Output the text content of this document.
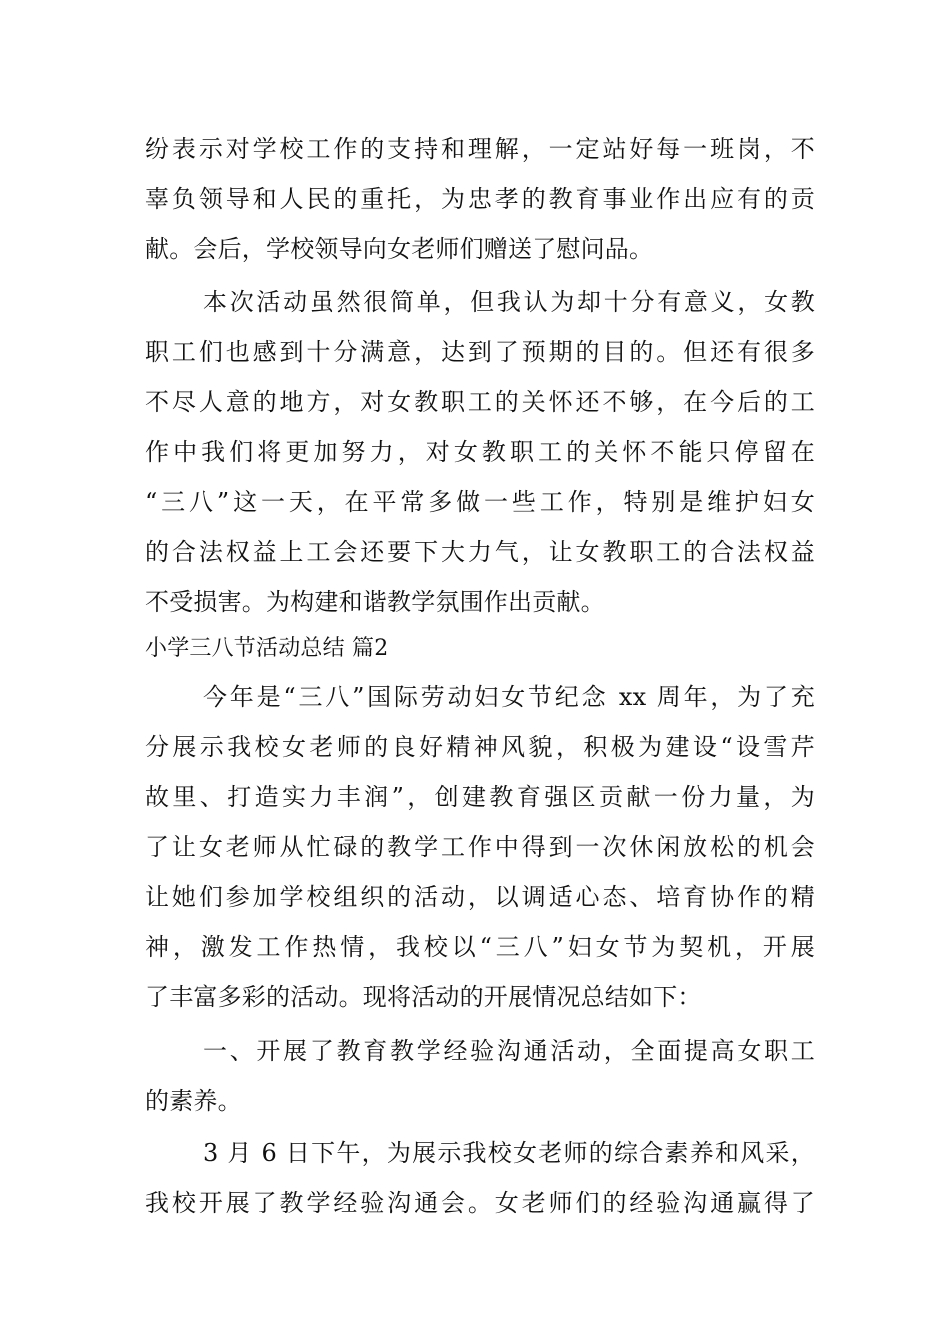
纷表示对学校工作的支持和理解，一定站好每一班岗，不
辜负领导和人民的重托，为忠孝的教育事业作出应有的贡
献。会后，学校领导向女老师们赠送了慰问品。
本次活动虽然很简单，但我认为却十分有意义，女教
职工们也感到十分满意，达到了预期的目的。但还有很多
不尽人意的地方，对女教职工的关怀还不够，在今后的工
作中我们将更加努力，对女教职工的关怀不能只停留在
“三八”这一天，在平常多做一些工作，特别是维护妇女
的合法权益上工会还要下大力气，让女教职工的合法权益
不受损害。为构建和谐教学氛围作出贡献。
小学三八节活动总结 篇2
今年是“三八”国际劳动妇女节纪念 xx 周年，为了充
分展示我校女老师的良好精神风貌，积极为建设“设雪芹
故里、打造实力丰润”，创建教育强区贡献一份力量，为
了让女老师从忙碌的教学工作中得到一次休闲放松的机会
让她们参加学校组织的活动，以调适心态、培育协作的精
神，激发工作热情，我校以“三八”妇女节为契机，开展
了丰富多彩的活动。现将活动的开展情况总结如下：
一、开展了教育教学经验沟通活动，全面提高女职工
的素养。
3 月 6 日下午，为展示我校女老师的综合素养和风采，
我校开展了教学经验沟通会。女老师们的经验沟通赢得了
